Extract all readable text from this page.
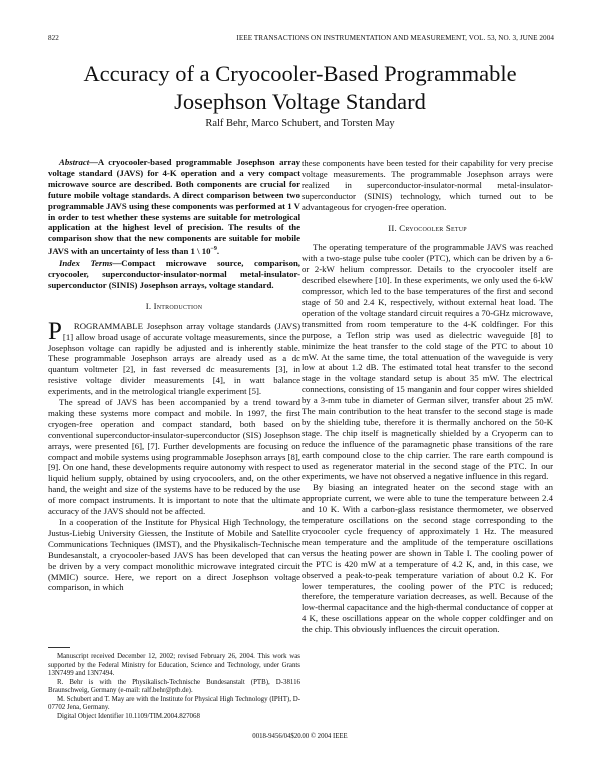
822	IEEE TRANSACTIONS ON INSTRUMENTATION AND MEASUREMENT, VOL. 53, NO. 3, JUNE 2004
Accuracy of a Cryocooler-Based Programmable
Josephson Voltage Standard
Ralf Behr, Marco Schubert, and Torsten May

Abstract—A cryocooler-based programmable Josephson array voltage standard (JAVS) for 4-K operation and a very compact microwave source are described. Both components are crucial for future mobile voltage standards. A direct comparison between two programmable JAVS using these components was performed at 1 V in order to test whether these systems are suitable for metrological application at the highest level of precision. The results of the comparison show that the new components are suitable for mobile JAVS with an uncertainty of less than 1 \ $10^{-9}$.

Index Terms—Compact microwave source, comparison, cryocooler, superconductor-insulator-normal metal-insulator-superconductor (SINIS) Josephson arrays, voltage standard.

I. Introduction

P ROGRAMMABLE Josephson array voltage standards (JAVS) [1] allow broad usage of accurate voltage measurements, since the Josephson voltage can rapidly be adjusted and is inherently stable. These programmable Josephson arrays are already used as a dc quantum voltmeter [2], in fast reversed dc measurements [3], in resistive voltage divider measurements [4], in watt balance experiments, and in the metrological triangle experiment [5].

The spread of JAVS has been accompanied by a trend toward making these systems more compact and mobile. In 1997, the first cryogen-free operation and compact standard, both based on conventional superconductor-insulator-superconductor (SIS) Josephson arrays, were presented [6], [7]. Further developments are focusing on compact and mobile systems using programmable Josephson arrays [8], [9]. On one hand, these developments require autonomy with respect to liquid helium supply, obtained by using cryocoolers, and, on the other hand, the weight and size of the systems have to be reduced by the use of more compact instruments. It is important to note that the ultimate accuracy of the JAVS should not be affected.

In a cooperation of the Institute for Physical High Technology, the Justus-Liebig University Giessen, the Institute of Mobile and Satellite Communications Techniques (IMST), and the Physikalisch-Technische Bundesanstalt, a cryocooler-based JAVS has been developed that can be driven by a very compact monolithic microwave integrated circuit (MMIC) source. Here, we report on a direct Josephson voltage comparison, in which

these components have been tested for their capability for very precise voltage measurements. The programmable Josephson arrays were realized in superconductor-insulator-normal metal-insulator-superconductor (SINIS) technology, which turned out to be advantageous for cryogen-free operation.

II. Cryocooler Setup

The operating temperature of the programmable JAVS was reached with a two-stage pulse tube cooler (PTC), which can be driven by a 6- or 2-kW helium compressor. Details to the cryocooler itself are described elsewhere [10]. In these experiments, we only used the 6-kW compressor, which led to the base temperatures of the first and second stage of 50 and 2.4 K, respectively, without external heat load. The operation of the voltage standard circuit requires a 70-GHz microwave, transmitted from room temperature to the 4-K coldfinger. For this purpose, a Teflon strip was used as dielectric waveguide [8] to minimize the heat transfer to the cold stage of the PTC to about 10 mW. At the same time, the total attenuation of the waveguide is very low at about 1.2 dB. The estimated total heat transfer to the second stage in the voltage standard setup is about 35 mW. The electrical connections, consisting of 15 manganin and four copper wires shielded by a 3-mm tube in diameter of German silver, transfer about 25 mW. The main contribution to the heat transfer to the second stage is made by the shielding tube, therefore it is thermally anchored on the 50-K stage. The chip itself is magnetically shielded by a Cryoperm can to reduce the influence of the paramagnetic phase transitions of the rare earth compound close to the chip carrier. The rare earth compound is used as regenerator material in the second stage of the PTC. In our experiments, we have not observed a negative influence in this regard.

By biasing an integrated heater on the second stage with an appropriate current, we were able to tune the temperature between 2.4 and 10 K. With a carbon-glass resistance thermometer, we observed temperature oscillations on the second stage corresponding to the cryocooler cycle frequency of approximately 1 Hz. The measured mean temperature and the amplitude of the temperature oscillations versus the heating power are shown in Table I. The cooling power of the PTC is 420 mW at a temperature of 4.2 K, and, in this case, we observed a peak-to-peak temperature variation of about 0.2 K. For lower temperatures, the cooling power of the PTC is reduced; therefore, the temperature variation decreases, as well. Because of the low-thermal capacitance and the high-thermal conductance of copper at 4 K, these oscillations appear on the whole copper coldfinger and on the chip. This obviously influences the circuit operation.

Manuscript received December 12, 2002; revised February 26, 2004. This work was supported by the Federal Ministry for Education, Science and Technology, under Grants 13N7499 and 13N7494.

R. Behr is with the Physikalisch-Technische Bundesanstalt (PTB), D-38116 Braunschweig, Germany (e-mail: ralf.behr@ptb.de).

M. Schubert and T. May are with the Institute for Physical High Technology (IPHT), D-07702 Jena, Germany.

Digital Object Identifier 10.1109/TIM.2004.827068

0018-9456/04$20.00 © 2004 IEEE
